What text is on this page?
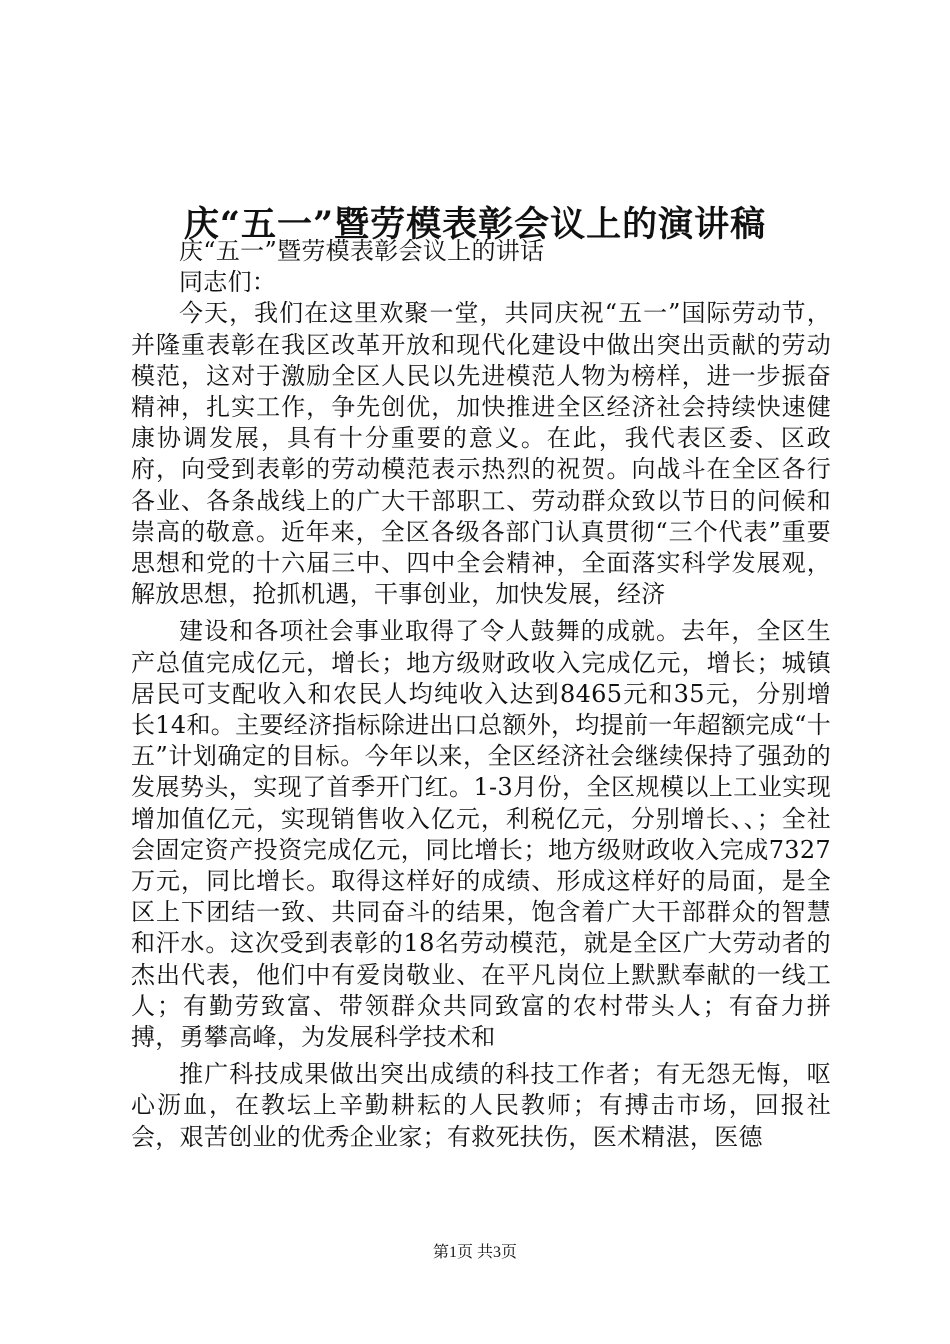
庆“五一”暨劳模表彰会议上的演讲稿

庆“五一”暨劳模表彰会议上的讲话

同志们：

今天，我们在这里欢聚一堂，共同庆祝“五一”国际劳动节，并隆重表彰在我区改革开放和现代化建设中做出突出贡献的劳动模范，这对于激励全区人民以先进模范人物为榜样，进一步振奋精神，扎实工作，争先创优，加快推进全区经济社会持续快速健康协调发展，具有十分重要的意义。在此，我代表区委、区政府，向受到表彰的劳动模范表示热烈的祝贺。向战斗在全区各行各业、各条战线上的广大干部职工、劳动群众致以节日的问候和崇高的敬意。近年来，全区各级各部门认真贯彻“三个代表”重要思想和党的十六届三中、四中全会精神，全面落实科学发展观，解放思想，抢抓机遇，干事创业，加快发展，经济

建设和各项社会事业取得了令人鼓舞的成就。去年，全区生产总值完成亿元，增长；地方级财政收入完成亿元，增长；城镇居民可支配收入和农民人均纯收入达到8465元和35元，分别增长14和。主要经济指标除进出口总额外，均提前一年超额完成“十五”计划确定的目标。今年以来，全区经济社会继续保持了强劲的发展势头，实现了首季开门红。1-3月份，全区规模以上工业实现增加值亿元，实现销售收入亿元，利税亿元，分别增长、、；全社会固定资产投资完成亿元，同比增长；地方级财政收入完成7327万元，同比增长。取得这样好的成绩、形成这样好的局面，是全区上下团结一致、共同奋斗的结果，饱含着广大干部群众的智慧和汗水。这次受到表彰的18名劳动模范，就是全区广大劳动者的杰出代表，他们中有爱岗敬业、在平凡岗位上默默奉献的一线工人；有勤劳致富、带领群众共同致富的农村带头人；有奋力拼搏，勇攀高峰，为发展科学技术和

推广科技成果做出突出成绩的科技工作者；有无怨无悔，呕心沥血，在教坛上辛勤耕耘的人民教师；有搏击市场，回报社会，艰苦创业的优秀企业家；有救死扶伤，医术精湛，医德

第1页 共3页
